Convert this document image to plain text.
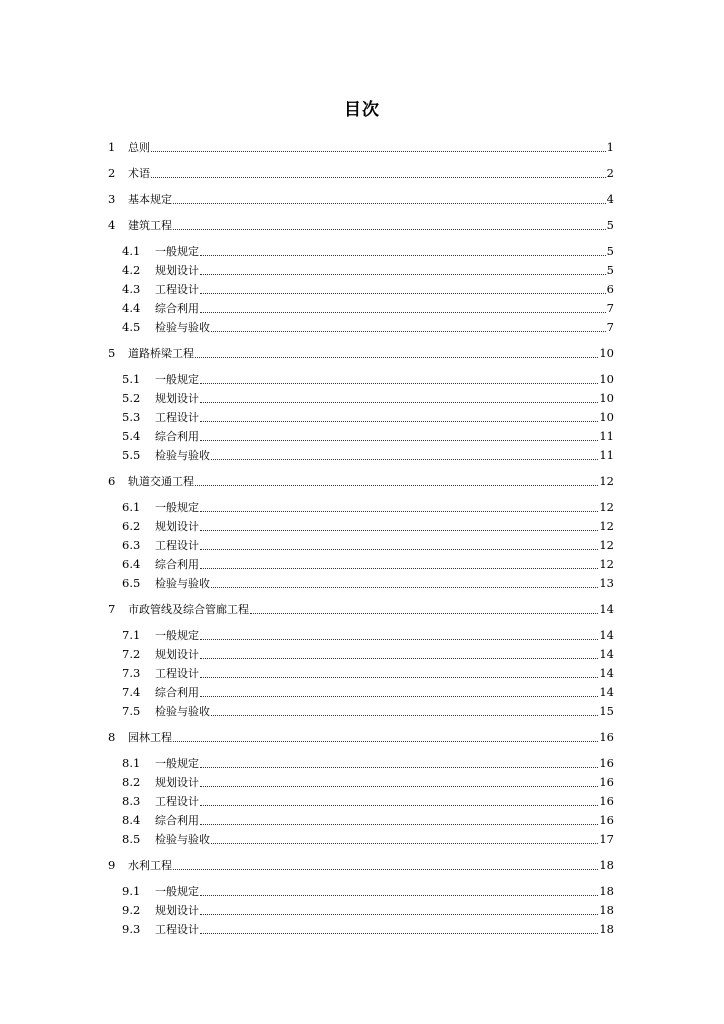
目次
1	总则	1
2	术语	2
3	基本规定	4
4	建筑工程	5
4.1	一般规定	5
4.2	规划设计	5
4.3	工程设计	6
4.4	综合利用	7
4.5	检验与验收	7
5	道路桥梁工程	10
5.1	一般规定	10
5.2	规划设计	10
5.3	工程设计	10
5.4	综合利用	11
5.5	检验与验收	11
6	轨道交通工程	12
6.1	一般规定	12
6.2	规划设计	12
6.3	工程设计	12
6.4	综合利用	12
6.5	检验与验收	13
7	市政管线及综合管廊工程	14
7.1	一般规定	14
7.2	规划设计	14
7.3	工程设计	14
7.4	综合利用	14
7.5	检验与验收	15
8	园林工程	16
8.1	一般规定	16
8.2	规划设计	16
8.3	工程设计	16
8.4	综合利用	16
8.5	检验与验收	17
9	水利工程	18
9.1	一般规定	18
9.2	规划设计	18
9.3	工程设计	18
